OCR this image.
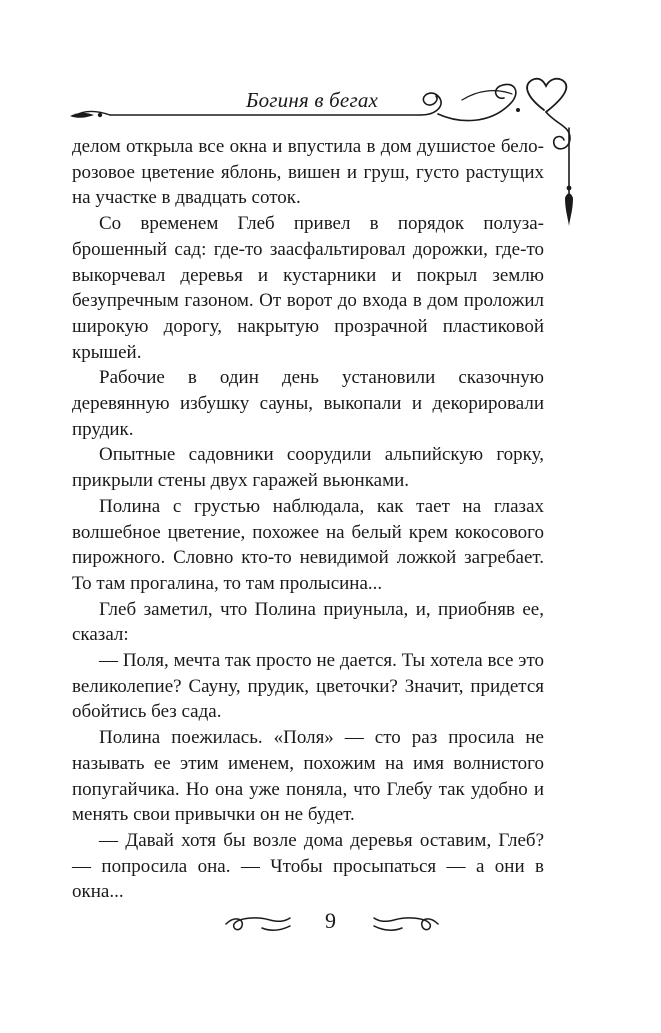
Богиня в бегах

делом открыла все окна и впустила в дом душистое бело-розовое цветение яблонь, вишен и груш, густо растущих на участке в двадцать соток.

Со временем Глеб привел в порядок полузаброшенный сад: где-то заасфальтировал дорожки, где-то выкорчевал деревья и кустарники и покрыл землю безупречным газоном. От ворот до входа в дом проложил широкую дорогу, накрытую прозрачной пластиковой крышей.

Рабочие в один день установили сказочную деревянную избушку сауны, выкопали и декорировали прудик.

Опытные садовники соорудили альпийскую горку, прикрыли стены двух гаражей вьюнками.

Полина с грустью наблюдала, как тает на глазах волшебное цветение, похожее на белый крем кокосового пирожного. Словно кто-то невидимой ложкой загребает. То там прогалина, то там пролысина...

Глеб заметил, что Полина приуныла, и, приобняв ее, сказал:

— Поля, мечта так просто не дается. Ты хотела все это великолепие? Сауну, прудик, цветочки? Значит, придется обойтись без сада.

Полина поежилась. «Поля» — сто раз просила не называть ее этим именем, похожим на имя волнистого попугайчика. Но она уже поняла, что Глебу так удобно и менять свои привычки он не будет.

— Давай хотя бы возле дома деревья оставим, Глеб? — попросила она. — Чтобы просыпаться — а они в окна...

9
